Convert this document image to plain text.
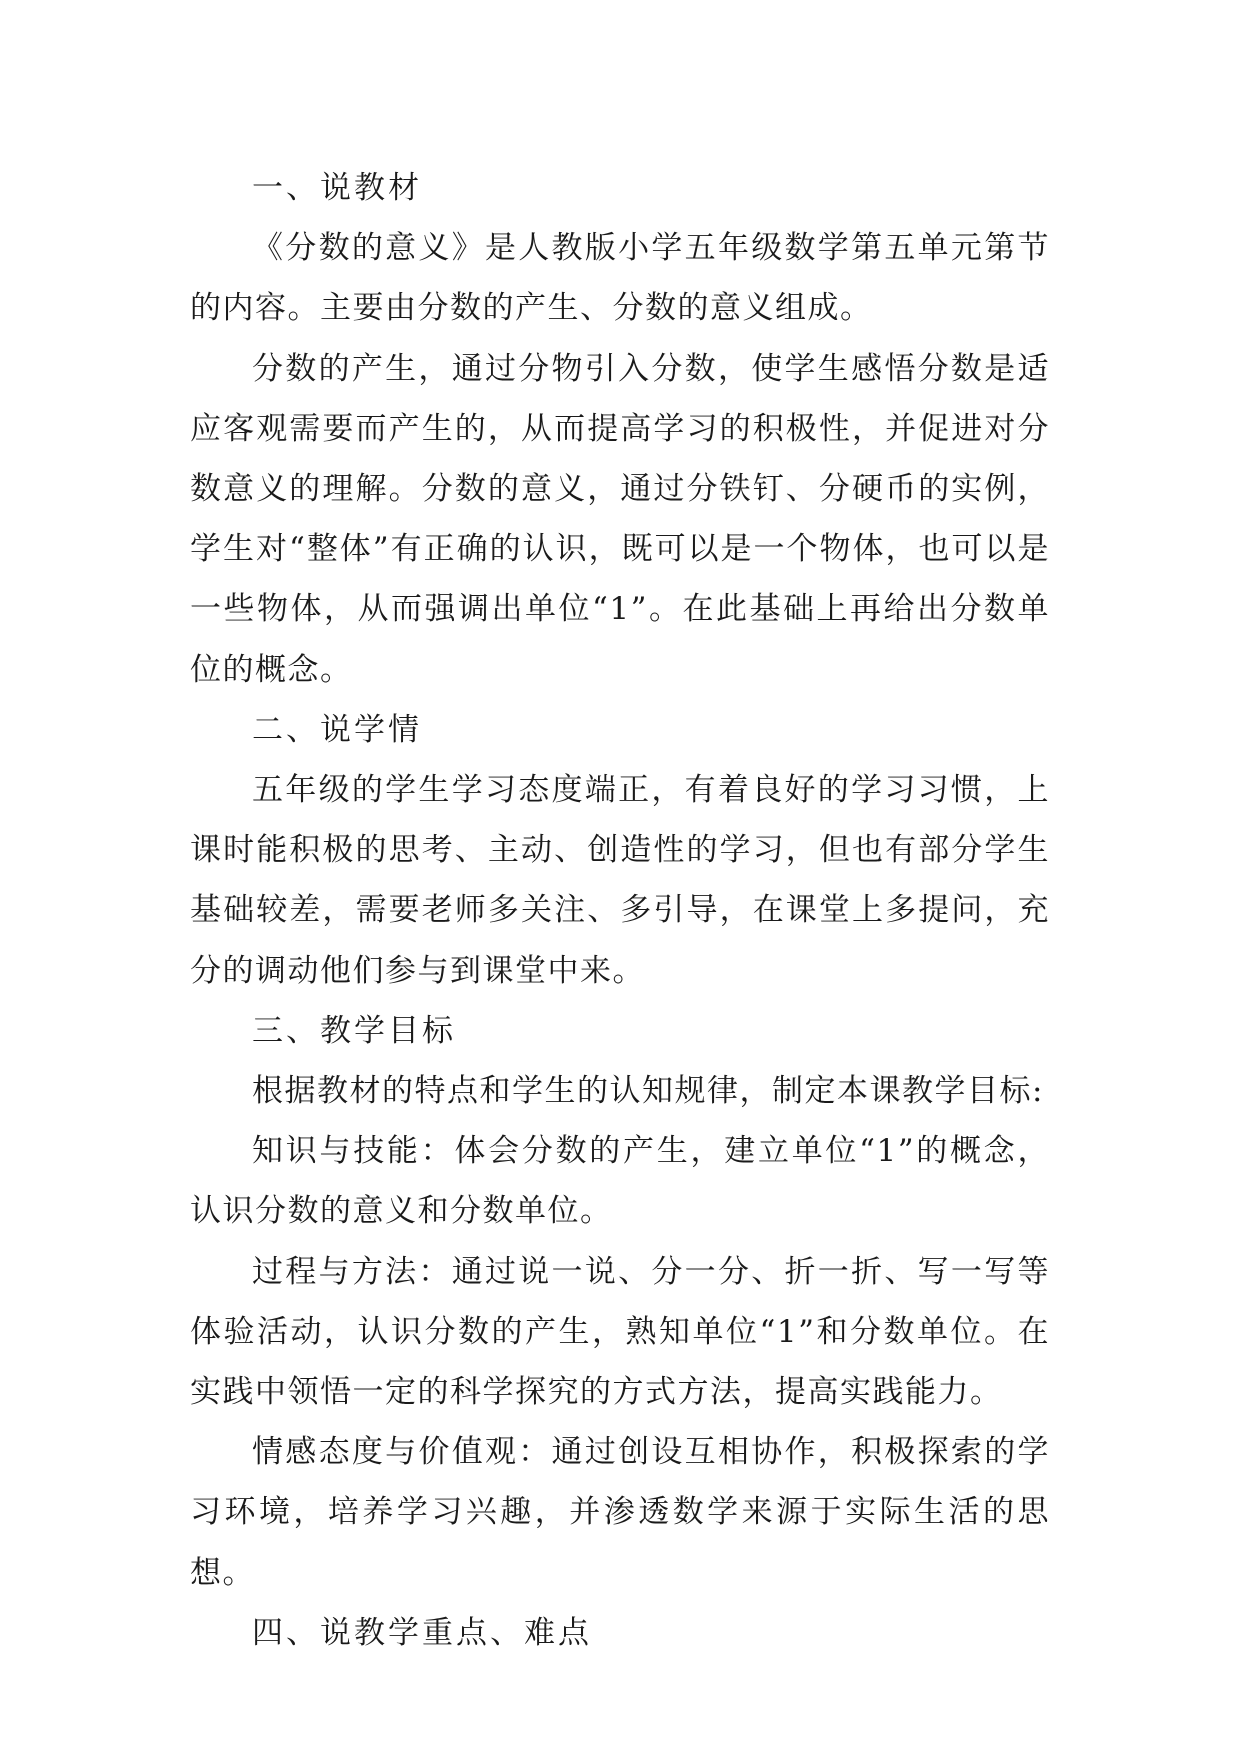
一、说教材

《分数的意义》是人教版小学五年级数学第五单元第节的内容。主要由分数的产生、分数的意义组成。

分数的产生，通过分物引入分数，使学生感悟分数是适应客观需要而产生的，从而提高学习的积极性，并促进对分数意义的理解。分数的意义，通过分铁钉、分硬币的实例，学生对“整体”有正确的认识，既可以是一个物体，也可以是一些物体，从而强调出单位“1”。在此基础上再给出分数单位的概念。

二、说学情

五年级的学生学习态度端正，有着良好的学习习惯，上课时能积极的思考、主动、创造性的学习，但也有部分学生基础较差，需要老师多关注、多引导，在课堂上多提问，充分的调动他们参与到课堂中来。

三、教学目标

根据教材的特点和学生的认知规律，制定本课教学目标:

知识与技能：体会分数的产生，建立单位“1”的概念，认识分数的意义和分数单位。

过程与方法：通过说一说、分一分、折一折、写一写等体验活动，认识分数的产生，熟知单位“1”和分数单位。在实践中领悟一定的科学探究的方式方法，提高实践能力。

情感态度与价值观：通过创设互相协作，积极探索的学习环境，培养学习兴趣，并渗透数学来源于实际生活的思想。

四、说教学重点、难点
